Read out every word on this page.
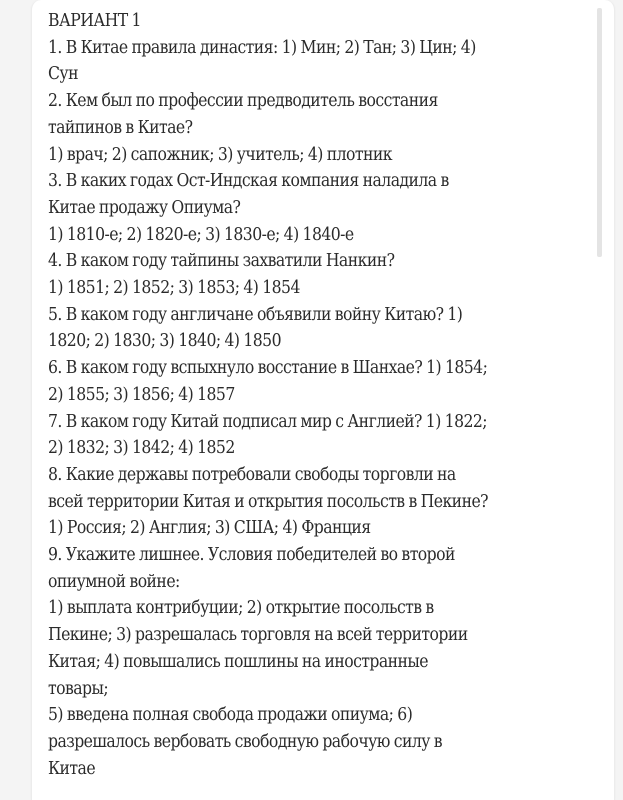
ВАРИАНТ 1
1. В Китае правила династия: 1) Мин; 2) Тан; 3) Цин; 4)
Сун
2. Кем был по профессии предводитель восстания
тайпинов в Китае?
1) врач; 2) сапожник; 3) учитель; 4) плотник
3. В каких годах Ост-Индская компания наладила в
Китае продажу Опиума?
1) 1810-е; 2) 1820-е; 3) 1830-е; 4) 1840-е
4. В каком году тайпины захватили Нанкин?
1) 1851; 2) 1852; 3) 1853; 4) 1854
5. В каком году англичане объявили войну Китаю? 1)
1820; 2) 1830; 3) 1840; 4) 1850
6. В каком году вспыхнуло восстание в Шанхае? 1) 1854;
2) 1855; 3) 1856; 4) 1857
7. В каком году Китай подписал мир с Англией? 1) 1822;
2) 1832; 3) 1842; 4) 1852
8. Какие державы потребовали свободы торговли на
всей территории Китая и открытия посольств в Пекине?
1) Россия; 2) Англия; 3) США; 4) Франция
9. Укажите лишнее. Условия победителей во второй
опиумной войне:
1) выплата контрибуции; 2) открытие посольств в
Пекине; 3) разрешалась торговля на всей территории
Китая; 4) повышались пошлины на иностранные
товары;
5) введена полная свобода продажи опиума; 6)
разрешалось вербовать свободную рабочую силу в
Китае
